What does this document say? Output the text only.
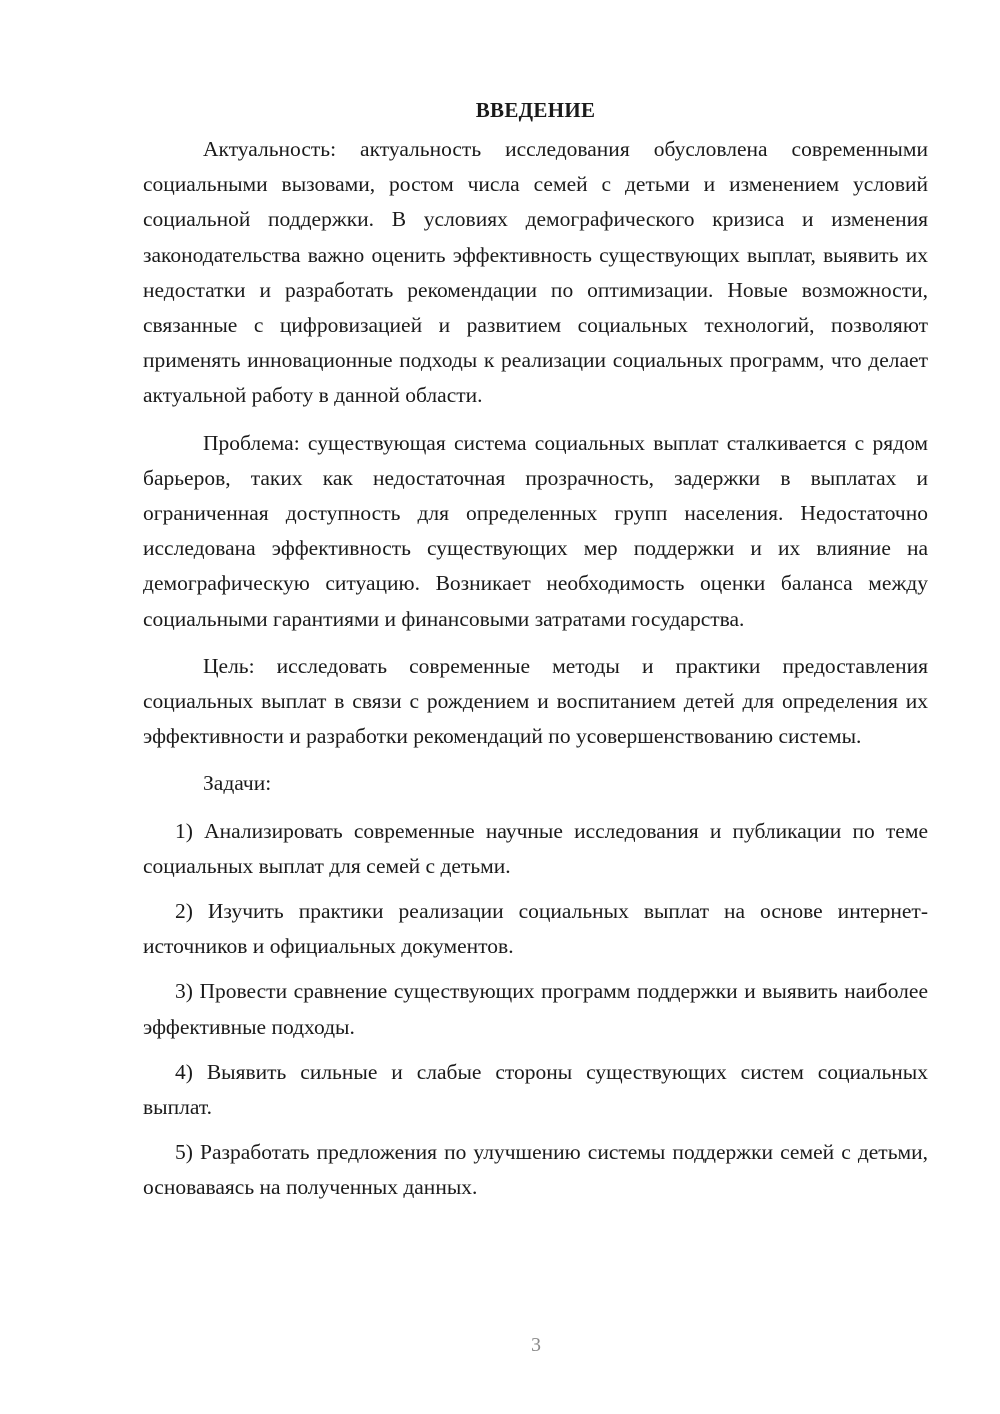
ВВЕДЕНИЕ

Актуальность: актуальность исследования обусловлена современными социальными вызовами, ростом числа семей с детьми и изменением условий социальной поддержки. В условиях демографического кризиса и изменения законодательства важно оценить эффективность существующих выплат, выявить их недостатки и разработать рекомендации по оптимизации. Новые возможности, связанные с цифровизацией и развитием социальных технологий, позволяют применять инновационные подходы к реализации социальных программ, что делает актуальной работу в данной области.

Проблема: существующая система социальных выплат сталкивается с рядом барьеров, таких как недостаточная прозрачность, задержки в выплатах и ограниченная доступность для определенных групп населения. Недостаточно исследована эффективность существующих мер поддержки и их влияние на демографическую ситуацию. Возникает необходимость оценки баланса между социальными гарантиями и финансовыми затратами государства.

Цель: исследовать современные методы и практики предоставления социальных выплат в связи с рождением и воспитанием детей для определения их эффективности и разработки рекомендаций по усовершенствованию системы.

Задачи:

1) Анализировать современные научные исследования и публикации по теме социальных выплат для семей с детьми.

2) Изучить практики реализации социальных выплат на основе интернет-источников и официальных документов.

3) Провести сравнение существующих программ поддержки и выявить наиболее эффективные подходы.

4) Выявить сильные и слабые стороны существующих систем социальных выплат.

5) Разработать предложения по улучшению системы поддержки семей с детьми, основаваясь на полученных данных.

3
